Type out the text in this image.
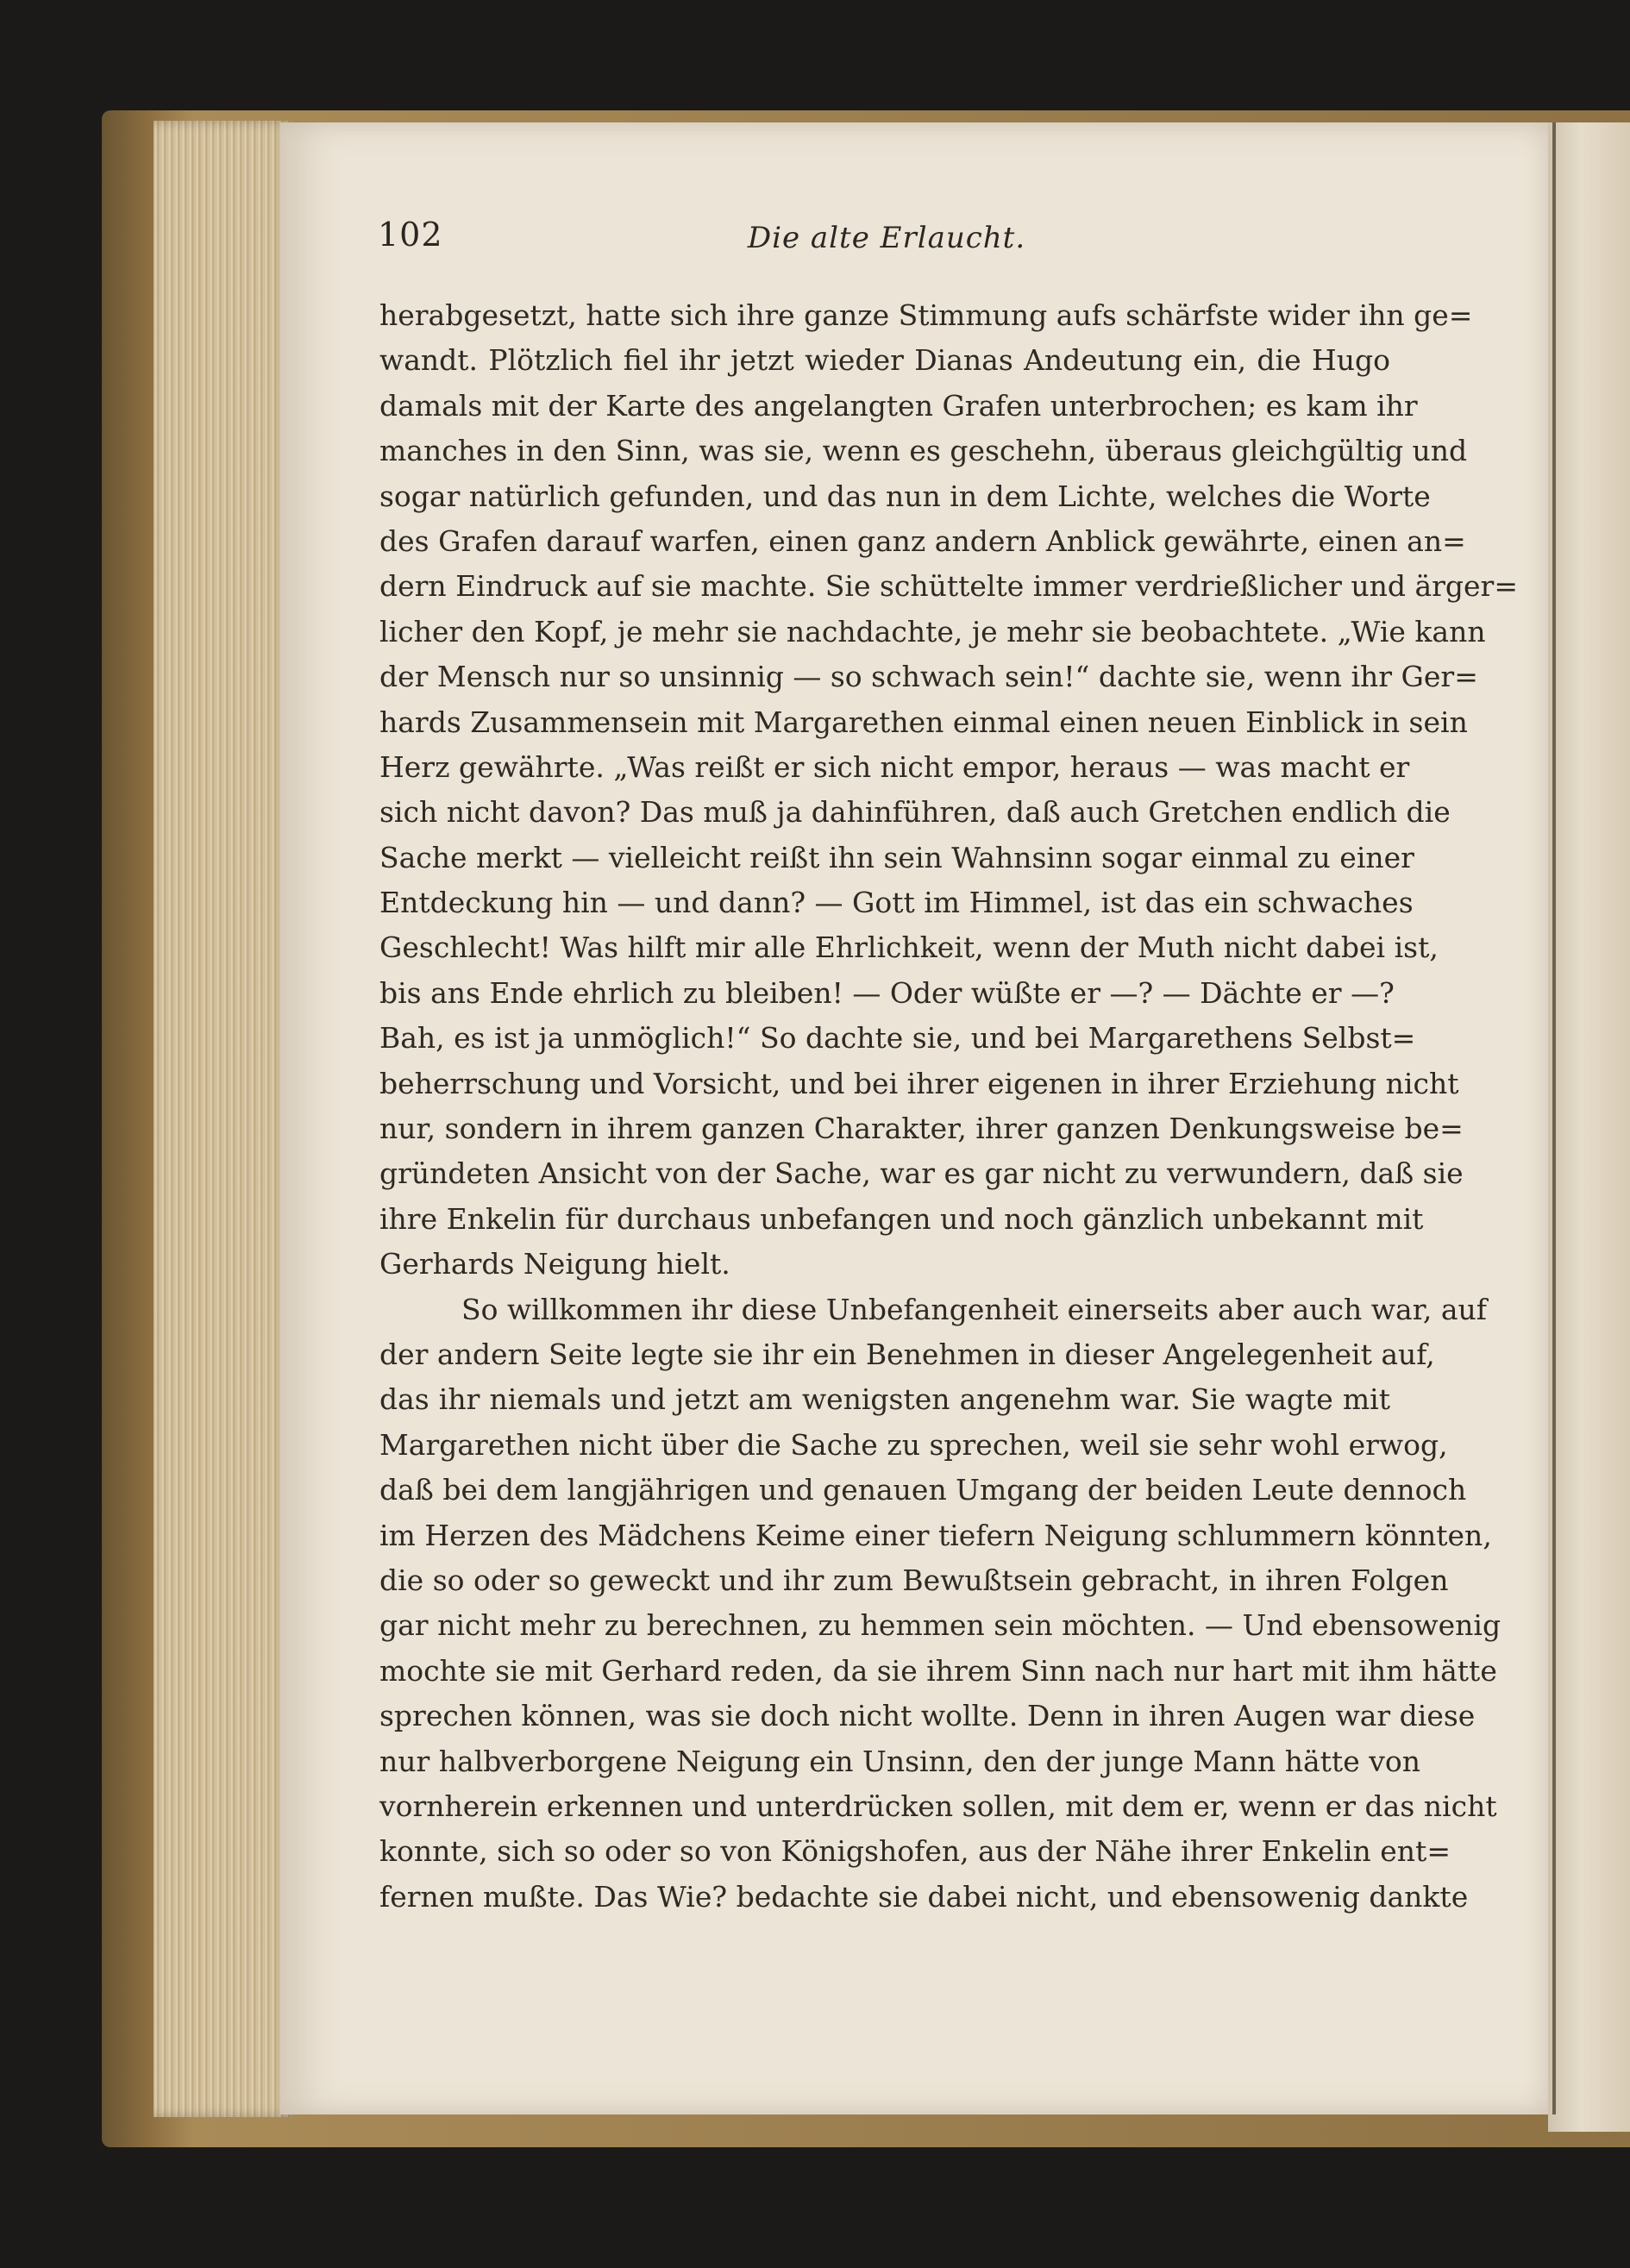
102	Die alte Erlaucht.
herabgesetzt, hatte sich ihre ganze Stimmung aufs schärfste wider ihn ge=
wandt. Plötzlich fiel ihr jetzt wieder Dianas Andeutung ein, die Hugo
damals mit der Karte des angelangten Grafen unterbrochen; es kam ihr
manches in den Sinn, was sie, wenn es geschehn, überaus gleichgültig und
sogar natürlich gefunden, und das nun in dem Lichte, welches die Worte
des Grafen darauf warfen, einen ganz andern Anblick gewährte, einen an=
dern Eindruck auf sie machte. Sie schüttelte immer verdrießlicher und ärger=
licher den Kopf, je mehr sie nachdachte, je mehr sie beobachtete. „Wie kann
der Mensch nur so unsinnig — so schwach sein!“ dachte sie, wenn ihr Ger=
hards Zusammensein mit Margarethen einmal einen neuen Einblick in sein
Herz gewährte. „Was reißt er sich nicht empor, heraus — was macht er
sich nicht davon? Das muß ja dahinführen, daß auch Gretchen endlich die
Sache merkt — vielleicht reißt ihn sein Wahnsinn sogar einmal zu einer
Entdeckung hin — und dann? — Gott im Himmel, ist das ein schwaches
Geschlecht! Was hilft mir alle Ehrlichkeit, wenn der Muth nicht dabei ist,
bis ans Ende ehrlich zu bleiben! — Oder wüßte er —? — Dächte er —?
Bah, es ist ja unmöglich!“ So dachte sie, und bei Margarethens Selbst=
beherrschung und Vorsicht, und bei ihrer eigenen in ihrer Erziehung nicht
nur, sondern in ihrem ganzen Charakter, ihrer ganzen Denkungsweise be=
gründeten Ansicht von der Sache, war es gar nicht zu verwundern, daß sie
ihre Enkelin für durchaus unbefangen und noch gänzlich unbekannt mit
Gerhards Neigung hielt.
So willkommen ihr diese Unbefangenheit einerseits aber auch war, auf
der andern Seite legte sie ihr ein Benehmen in dieser Angelegenheit auf,
das ihr niemals und jetzt am wenigsten angenehm war. Sie wagte mit
Margarethen nicht über die Sache zu sprechen, weil sie sehr wohl erwog,
daß bei dem langjährigen und genauen Umgang der beiden Leute dennoch
im Herzen des Mädchens Keime einer tiefern Neigung schlummern könnten,
die so oder so geweckt und ihr zum Bewußtsein gebracht, in ihren Folgen
gar nicht mehr zu berechnen, zu hemmen sein möchten. — Und ebensowenig
mochte sie mit Gerhard reden, da sie ihrem Sinn nach nur hart mit ihm hätte
sprechen können, was sie doch nicht wollte. Denn in ihren Augen war diese
nur halbverborgene Neigung ein Unsinn, den der junge Mann hätte von
vornherein erkennen und unterdrücken sollen, mit dem er, wenn er das nicht
konnte, sich so oder so von Königshofen, aus der Nähe ihrer Enkelin ent=
fernen mußte. Das Wie? bedachte sie dabei nicht, und ebensowenig dankte
